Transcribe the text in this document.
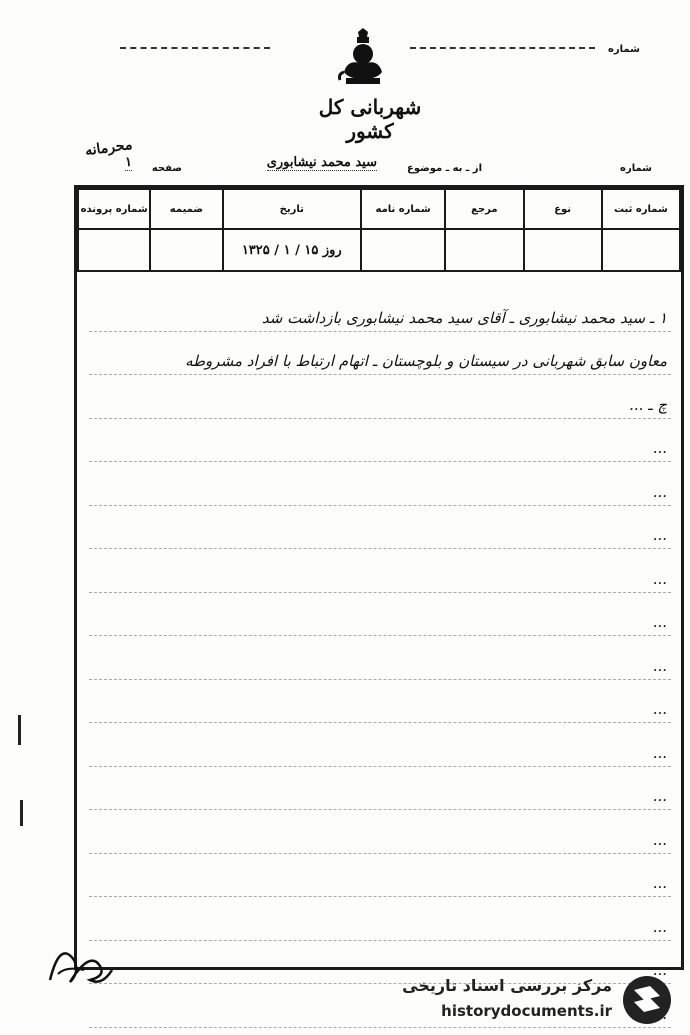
شماره
شهربانی کل کشور
محرمانه
شماره
از ـ به ـ موضوع
سید محمد نیشابوری
صفحه
۱
شماره ثبت	نوع	مرجع	شماره نامه	تاریخ	ضمیمه	شماره پرونده
				روز ۱۵ / ۱ / ۱۳۲۵		
۱ ـ سید محمد نیشابوری ـ آقای سید محمد نیشابوری بازداشت شد
معاون سابق شهربانی در سیستان و بلوچستان ـ اتهام ارتباط با افراد مشروطه
چ ـ ...
...
...
...
...
...
...
...
...
...
...
...
...
...
مرکز بررسی اسناد تاریخی
historydocuments.ir
